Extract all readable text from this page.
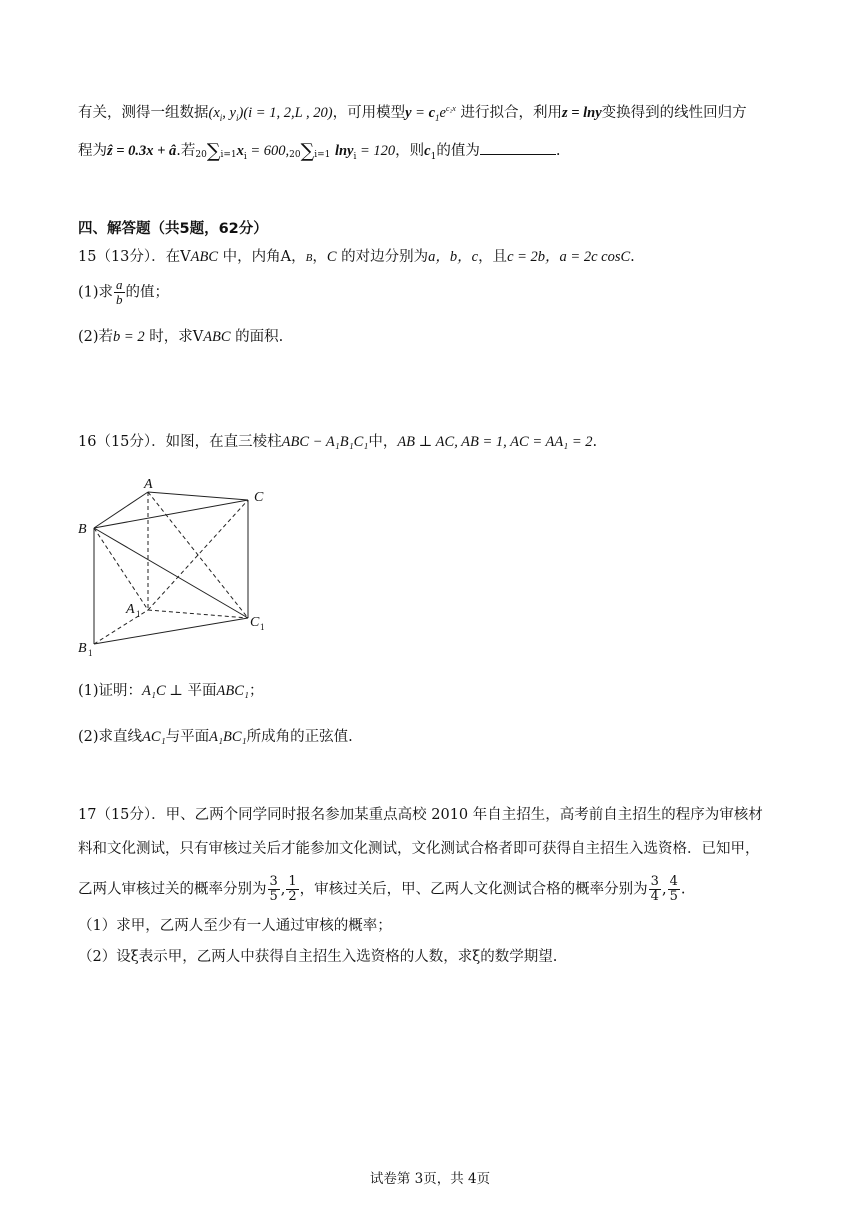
有关，测得一组数据($x_i$, $y_i)(i = 1$, 2,L , 20)，可用模型$y = c_1e^{c_2x}$ 进行拟合，利用z = lny变换得到的线性回归方
程为ẑ = 0.3x + â.若$20\sum i=1x_i = 600,20\sum i=1$ lny$_i$ = 120，则$c_1$的值为	.
四、解答题（共5题，62分）
15（13分）．在VABC 中，内角A，B，C 的对边分别为a，b，c，且c = 2b，a = 2c cosC.
(1)求 $\frac{a}{b}$ 的值；
(2)若b = 2 时，求VABC 的面积.
16（15分）．如图，在直三棱柱ABC − A₁B₁C₁中，AB ⊥ AC, AB = 1, AC = AA₁ = 2.
A
C
B
A 1
C 1
B 1
(1)证明：A₁C ⊥ 平面ABC₁；
(2)求直线AC₁与平面A₁BC₁所成角的正弦值.
17（15分）．甲、乙两个同学同时报名参加某重点高校 2010 年自主招生，高考前自主招生的程序为审核材
料和文化测试，只有审核过关后才能参加文化测试，文化测试合格者即可获得自主招生入选资格．已知甲，
乙两人审核过关的概率分别为 $\frac{3}{5}$ , $\frac{1}{2}$ ，审核过关后，甲、乙两人文化测试合格的概率分别为 $\frac{3}{4}$ , $\frac{4}{5}$ .
（1）求甲，乙两人至少有一人通过审核的概率；
（2）设ξ表示甲，乙两人中获得自主招生入选资格的人数，求ξ的数学期望.
试卷第 3页，共 4页
